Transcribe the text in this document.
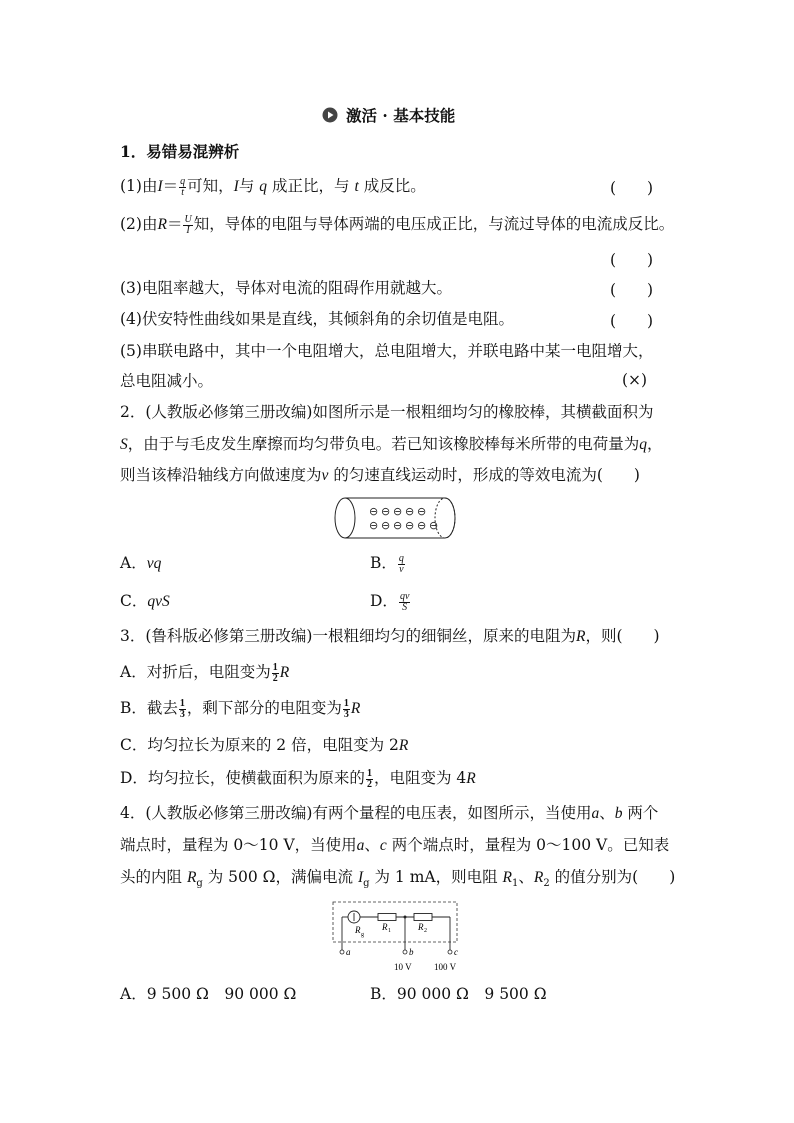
激活 · 基本技能
1．易错易混辨析
(1)由$I= \frac{q}{t}$ 可知，I与 q 成正比，与 t 成反比。	(　　)
(2)由$R= \frac{U}{I}$ 知，导体的电阻与导体两端的电压成正比，与流过导体的电流成反比。
(　　)
(3)电阻率越大，导体对电流的阻碍作用就越大。	(　　)
(4)伏安特性曲线如果是直线，其倾斜角的余切值是电阻。	(　　)
(5)串联电路中，其中一个电阻增大，总电阻增大，并联电路中某一电阻增大，
总电阻减小。	(×)
2．(人教版必修第三册改编)如图所示是一根粗细均匀的橡胶棒，其横截面积为
S，由于与毛皮发生摩擦而均匀带负电。若已知该橡胶棒每米所带的电荷量为q，
则当该棒沿轴线方向做速度为v 的匀速直线运动时，形成的等效电流为(　　)
⊖ ⊖ ⊖ ⊖ ⊖
⊖ ⊖ ⊖ ⊖ ⊖ ⊖
A．vq	B． $\frac{q}{v}$
C．qvS	D． $\frac{qv}{S}$
3．(鲁科版必修第三册改编)一根粗细均匀的细铜丝，原来的电阻为R，则(　　)
A．对折后，电阻变为 $\frac{1}{2}$ R
B．截去 $\frac{1}{3}$ ，剩下部分的电阻变为 $\frac{1}{3}$ R
C．均匀拉长为原来的 2 倍，电阻变为 2R
D．均匀拉长，使横截面积为原来的 $\frac{1}{2}$ ，电阻变为 4R
4．(人教版必修第三册改编)有两个量程的电压表，如图所示，当使用a、b 两个
端点时，量程为 0～10 V，当使用a、c 两个端点时，量程为 0～100 V。已知表
头的内阻 $R_g$ 为 500 Ω，满偏电流 $I_g$ 为 1 mA，则电阻 $R_1$、$R_2$ 的值分别为(　　)
R g
R 1	R 2
a	b	c
10 V 100 V
A．9 500 Ω　90 000 Ω	B．90 000 Ω　9 500 Ω
